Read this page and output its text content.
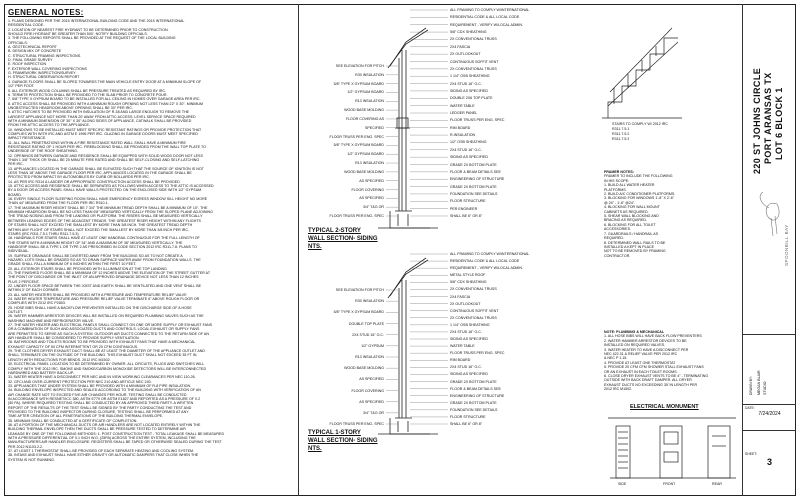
GENERAL NOTES:
1. PLANS DESIGNED PER THE 2015 INTERNATIONAL BUILDING CODE AND THE 2015 INTERNATIONAL
RESIDENTIAL CODE.
2. LOCATION OF NEAREST FIRE HYDRANT TO BE DETERMINED PRIOR TO CONSTRUCTION.
SHOULD FIRE HYDRANT BE GREATER THAN 500', NOTIFY BUILDING OFFICIALS.
3. THE FOLLOWING REPORTS SHALL BE PROVIDED AT THE REQUEST OF THE LOCAL BUILDING
OFFICIALS:
A. GEOTECHNICAL REPORT
B. DESIGN MIX OF CONCRETE
C. STRUCTURAL FRAMING INSPECTIONS.
D. FINAL GRADE SURVEY
E. ROOF INSPECTION
F. EXTERIOR WALL COVERING INSPECTIONS
G. FRAMEWORK INSPECTION/SURVEY
H. STRUCTURAL OBSERVATION REPORT
4. GARAGE FLOORS SHALL BE SLOPED TOWARDS THE MAIN VEHICLE ENTRY DOOR AT A MINIMUM SLOPE OF
1/2" PER FOOT.
5. ALL EXTERIOR WOOD COLUMNS SHALL BE PRESSURE TREATED AS REQUIRED BY IRC.
6. TERMITE PROTECTION SHALL BE PROVIDED TO THE SLAB PRIOR TO CONCRETE POUR.
7. 5/8" TYPE X GYPSUM BOARD TO BE INSTALLED FOR ALL CEILING IN HOMES OVER GARAGE AREA PER IRC.
8. ATTIC ACCESS SHALL BE PROVIDED WITH A MINIMUM ROUGH OPENING NOT LESS THAN 22" X 30". MINIMUM
UNOBSTRUCTED HEADROOM ABOVE OPENING SHALL BE 30" PER IRC.
9. ATTIC HATCHES TO BE PROVIDED WITH INSULATION OF R-38 AND LARGE ENOUGH TO REMOVE THE
LARGEST APPLIANCE NOT MORE THAN 20' AWAY FROM ATTIC ACCESS. LEVEL SERVICE SPACE REQUIRED
WITH A MINIMUM DIMENSION OF 30" X 30" ALONG SIDES OF APPLIANCE. CATWALK SHALL BE PROVIDED
FROM THE ATTIC ACCESS TO THE APPLIANCE.
10. WINDOWS TO BE INSTALLED MUST MEET SPECIFIC RESISTANT RATINGS OR PROVIDE PROTECTION THAT
COMPLIES WITH WITH IRC AND ASTM E 1996 PER IRC. GLAZING IN GARAGE DOORS MUST MEET SPECIFIED
IMPACT RESISTANCE.
11. ALL WALL PENETRATIONS WITHIN A FIRE RESISTANCE RATED WALL SHALL HAVE A MINIMUM FIRE
RESISTANCE RATING OF 1 HOUR PER IRC. FIREBLOCKING SHALL BE PROVIDED FROM THE WALL TOP PLATE TO
UNDERSIDE OF THE ROOF SHEATHING.
12. OPENINGS BETWEEN GARAGE AND RESIDENCE SHALL BE EQUIPPED WITH SOLID WOOD DOOR NOT LESS
THAN 1 3/8" THICK OR SHALL BE 20 MINUTE FIRE RATED AND SHALL BE SELF-CLOSING AND SELF-LATCHING
PER IRC.
13. APPLIANCES LOCATED IN THE GARAGE SHALL BE ELEVATED SUCH THAT THE SOURCE OF IGNITION IS NOT
LESS THAN 18" ABOVE THE GARAGE FLOOR PER IRC. APPLIANCES LOCATED IN THE GARAGE SHALL BE
PROTECTED FROM IMPACT BY AUTOMOBILES BY CURB OR BOLLARDS PER IRC.
14. AS PER IRC R314 A LADDER OR APPROPRIATE CONSTRUCTION ACCESS SHALL BE PROVIDED
15. ATTIC ACCESS AND RESIDENCE SHALL BE SEPARATED AS FOLLOWS WHEN ACCESS TO THE ATTIC IS ACCESSED
BY A DOOR OR ACCESS PANEL SHALL HAVE WALLS PROTECTED ON THE ENCLOSED SIDE WITH 1/2" GYPSUM
BOARD.
16. EVERY SINGLE FLOOR SLEEPING ROOM SHALL HAVE EMERGENCY EGRESS WINDOW SILL HEIGHT NO MORE
THAN 44" MEASURED FROM THE FLOOR PER IRC R310.1.
17. THE MAXIMUM RISER HEIGHT SHALL BE 7 3/4" THE MINIMUM TREAD DEPTH SHALL BE A MINIMUM OF 10". THE
MINIMUM HEADROOM SHALL BE NO LESS THAN 6'8" MEASURED VERTICALLY FROM THE SLOPED PLANE ADJOINING
THE TREAD NOSING AND FROM THE LANDING OR PLATFORM. THE RISERS SHALL BE MEASURED VERTICALLY
BETWEEN LEADING EDGES OF THE ADJACENT TREADS. THE GREATEST RISER HEIGHT WITHIN ANY FLIGHTS
OF STAIRS SHALL NOT EXCEED THE SMALLEST BY MORE THAN 3/8 INCH. THE GREATEST TREAD DEPTH
WITHIN ANY FLIGHT OF STAIRS SHALL NOT EXCEED THE SMALLEST BY MORE THAN 3/8 INCH PER IRC.
STAIRS (IRC R311.7.5.1 THRU R311.7.5.3)
18. HANDRAILS FOR STAIRS SHALL HAVE AT LEAST ONE HANDRAIL CONTINUOUS FOR THE FULL LENGTH OF
THE STAIRS WITH A MINIMUM HEIGHT OF 34" AND A MAXIMUM OF 38" MEASURED VERTICALLY. THE
HANDGRIP SHALL BE A TYPE 1 OR TYPE 2 AS PRESCRIBED IN CODE SECTION 2012 IRC R311.7.8. PLANS TO
INDIVIDUAL.
19. SURFACE DRAINAGE SHALL BE DIVERTED AWAY FROM THE BUILDING SO AS TO NOT CREATE A
HAZARD. LOTS SHALL BE GRADED SO AS TO DRAIN SURFACE WATER AWAY FROM FOUNDATION WALLS. THE
GRADE SHALL FALL A MINIMUM OF 6 INCHES WITHIN THE FIRST 10 FEET.
20. ALL EXTERIOR STAIRS SHALL BE PROVIDED WITH ILLUMINATION AT THE TOP LANDING
21. THE FINISHED FLOOR SHALL BE A MINIMUM OF 12 INCHES ABOVE THE ELEVATION OF THE STREET GUTTER AT
THE POINT OF DISCHARGE OR THE INLET OF AN APPROVED DRAINAGE DEVICE NOT LESS THAN 12 INCHES
PLUS 2 PERCENT.
22. UNDER FLOOR SPACE BETWEEN THE JOIST AND EARTH SHALL BE VENTILATED AND ONE VENT SHALL BE
WITHIN 3' OF EACH CORNER.
23. ALL WATER HEATERS SHALL BE PROVIDED WITH A PRESSURE AND TEMPERATURE RELIEF VALVE
24. WATER HEATER TEMPERATURE AND PRESSURE RELIEF VALVE TERMINATE 6" ABOVE ROUGH FLOOR OR
COMPLIES WITH 2012 IRC P2803.
25. HOSE BIBS SHALL HAVE A BACKFLOW PREVENTER INSTALLED ON THE DISCHARGE SIDE OF A HOSE
OUTLET.
26. WATER HAMMER ARRESTOR DEVICES WILL BE INSTALLED ON REQUIRED PLUMBING VALVES SUCH AS THE
WASHING MACHINE AND REFRIGERATOR VALVE.
27. THE WATER HEATER AND ELECTRICAL PANELS SHALL CONNECT ON ONE OR MORE SUPPLY OR EXHAUST FANS
OR A COMBINATION OF SUCH AND ASSOCIATED DUCTS AND CONTROLS. LOCAL EXHAUST OR SUPPLY FANS
ARE PERMITTED TO SERVE AS SUCH A SYSTEM. OUTDOOR AIR DUCTS CONNECTED TO THE RETURN SIDE OF AN
AIR HANDLER SHALL BE CONSIDERED TO PROVIDE SUPPLY VENTILATION.
28. BATHROOMS AND TOILETS ROOMS TO BE PROVIDED WITH EXHAUST FANS THAT HAVE A MECHANICAL
EXHAUST CAPACITY OF 50 CFM INTERMITTENT OR 20 CFM CONTINUOUS.
29. THE CLOTHES DRYER EXHAUST DUCT SHALL BE AT LEAST THE DIAMETER OF THE APPLIANCE OUTLET AND
SHALL TERMINATE ON THE OUTSIDE OF THE BUILDING. THIS EXHAUST DUCT SHALL NOT EXCEED 35 FT IN
LENGTH WITH REDUCTIONS FOR BENDS. 2012 IRC M1502.
30. ELECTRICAL PANEL LOCATION TO BE DETERMINED BY OWNER. ALL CIRCUITS, PLUGS AND SWITCHES WILL
COMPLY WITH THE 2012 IRC. SMOKE AND SMOKE/CARBON MONOXIDE DETECTORS WILL BE INTERCONNECTED
HARDWIRED AND BATTERY BACK-UP.
31. WATER HEATER HAVE A DISCONNECT PER NEC AND IN VIEW WORKING CLEARANCES PER NEC 110.26.
32. GFCI AND OVER-CURRENT PROTECTION PER NEC 210 AND ARTICLE NEC 240.
33. APPLIANCES THAT UNDER SYSTEM SHALL BE PROVIDED WITH A MINIMUM OF R-8 PIPE INSULATION.
34. BUILDING ENVELOPE INSPECTED AND SEALED ACCORDING TO THE BUILDING WITH VERIFICATION OF AN
AIR CHANGE RATE NOT TO EXCEED FIVE AIR CHANGES PER HOUR. TESTING SHALL BE CONDUCTED
IN ACCORDANCE WITH RESNET/ICC 380, ASTM E779 OR ASTM E1827 AND REPORTED AS A PRESSURE OF 0.2
(50 PA). WHERE REQUIRED TESTING SHALL BE CONDUCTED BY AN APPROVED THIRD PARTY. A WRITTEN
REPORT OF THE RESULTS OF THE TEST SHALL BE SIGNED BY THE PARTY CONDUCTING THE TEST AND
PROVIDED TO THE BUILDING INSPECTOR DURING CLOSURE, TESTING SHALL BE PERFORMED AT ANY
TIME AFTER CREATION OF ALL PENETRATIONS OF THE BUILDING THERMAL ENVELOPE.
35. MINIMUM SHALL BE CONDUCTED AT A CERTIFICATE OF COMPLETION.
36. AT A PORTION OF THE MECHANICAL DUCTS OR AIR HANDLERS ARE NOT LOCATED ENTIRELY WITHIN THE
BUILDING THERMAL ENVELOPE THEN THE DUCTS SHALL BE PRESSURE TESTED TO DETERMINE AIR
LEAKAGE BY ONE OF THE FOLLOWING METHODS: 1. POST CONSTRUCTION TEST - TOTAL LEAKAGE SHALL BE MEASURED
WITH A PRESSURE DIFFERENTIAL OF 0.1 INCH W.G. (25PA) ACROSS THE ENTIRE SYSTEM, INCLUDING THE
MANUFACTURERS AIR HANDLER ENCLOSURE. REGISTERS SHALL BE TAPED OR OTHERWISE SEALED DURING THE TEST
PER 2012 N1103.2.2.
37. AT LEAST 1 THERMOSTAT SHALL BE PROVIDED OF EACH SEPARATE HEATING AND COOLING SYSTEM.
38. INTAKE AND EXHAUST SHALL HAVE EITHER GRAVITY OR AUTOMATIC DAMPERS THAT CLOSE WHEN THE
SYSTEM IS NOT RUNNING.
SEE ELEVATION FOR PITCH
R30 INSULATION
5/8" TYPE X GYPSUM BOARD
1/2" GYPSUM BOARD
R13 INSULATION
WOOD BASE MOLDING
FLOOR COVERING AS
SPECIFIED
FLOOR TRUSS PER ENG. SPEC
5/8" TYPE X GYPSUM BOARD
1/2" GYPSUM BOARD
R13 INSULATION
WOOD BASE MOLDING
AS SPECIFIED
FLOOR COVERING
AS SPECIFIED
3/4" T&G OR
FLOOR TRUSS PER ENG. SPEC
ALL FRAMING TO COMPLY W/INTERNATIONAL
RESIDENTIAL CODE & ALL LOCAL CODE
REQUIREMENT - VERIFY W/LOCAL ADMIN.
5/8" CDX SHEATHING
2X CONVENTIONAL TRUSS
2X4 FASCIA
2X OUTLOOKOUT
CONTINUOUS SOFFIT VENT
2X CONVENTIONAL TRUSS
1 1/4" OSB SHEATHING
2X4 STUD 16" O.C.
SIDING AS SPECIFIED
DOUBLE 2X6 TOP PLATE
WATER TABLE
LEDGER PANEL
FLOOR TRUSS PER ENG. SPEC
RIM BOARD
R-INSULATION
1/2" OSB SHEATHING
2X4 STUD 16" O.C.
SIDING AS SPECIFIED
GRADE 2X BOTTOM PLATE
FLOOR & BEAM DETAILS SEE
ENGINEERING OF STRUCTURE
GRADE 2X BOTTOM PLATE
FOUNDATION SEE DETAILS
FLOOR STRUCTURE
PER ENGINEER
SHALL BE 6" OR 8"
SEE ELEVATION FOR PITCH
R30 INSULATION
5/8" TYPE X GYPSUM BOARD
DOUBLE TOP PLATE
2X4 STUD 16" O.C.
1/2" GYPSUM
R13 INSULATION
WOOD BASE MOLDING
AS SPECIFIED
FLOOR COVERING
AS SPECIFIED
3/4" T&G OR
FLOOR TRUSS PER ENG. SPEC
ALL FRAMING TO COMPLY W/INTERNATIONAL
RESIDENTIAL CODE & ALL LOCAL CODE
REQUIREMENT - VERIFY W/LOCAL ADMIN.
METAL STYLE ROOF
5/8" CDX SHEATHING
2X CONVENTIONAL TRUSS
2X4 FASCIA
2X OUTLOOKOUT
CONTINUOUS SOFFIT VENT
2X CONVENTIONAL TRUSS
1 1/4" OSB SHEATHING
2X4 STUD 16" O.C.
SIDING AS SPECIFIED
WATER TABLE
FLOOR TRUSS PER ENG. SPEC
RIM BOARD
2X4 STUD 16" O.C.
SIDING AS SPECIFIED
GRADE 2X BOTTOM PLATE
FLOOR & BEAM DETAILS SEE
ENGINEERING OF STRUCTURE
GRADE 2X BOTTOM PLATE
FOUNDATION SEE DETAILS
FLOOR STRUCTURE
SHALL BE 6" OR 8"
TYPICAL 2-STORY
WALL SECTION- SIDING
NTS.
TYPICAL 1-STORY
WALL SECTION- SIDING
NTS.
STAIRS TO COMPLY W/ 2012 IRC
R311.7.5.1
R311.7.5.2
R311.7.5.3
FRAMER NOTES:
FRAMER TO INCLUDE THE FOLLOWING
IN HIS SCOPE:
1. BUILD ALL WATER HEATER
PLATFORMS.
2. BUILD A/C CONDITIONER PLATFORMS.
3. BLOCKING FOR WINDOWS 1'-8" X 2'-6"
@ 24" - 1'-6" @24".
4. BLOCKING FOR WALL MOUNT
CABINETS AS REQUIRED.
5. SHEAR WALL BLOCKING AND
BRACING AS REQUIRED.
6. BLOCKING FOR ALL TOILET
ACCESSORIES.
7. GUARDRAILS / HANDRAIL AS
REQUIRED.
8. DETERMINED WALL RAILS TO BE
INSTALLED A KEPT IN PLACE
NOT TO BE REMOVED BY FRAMING
CONTRACTOR.
NOTE: PLUMBING & MECHANICAL
1. ALL HOSE BIBS WILL HAVE BACK FLOW PREVENTERS
2. WATER HAMMER ARRESTOR DEVICES TO BE
INSTALLED ON REQUIRED VALVES.
3. WATER HEATER TO HAVE A DISCONNECT PER
NEC 422.31 & RELIEF VALVE PER 2012 IRC
& NEC P 1.15.
4. PROVIDE AT LEAST ONE THERMOSTAT
5. PROVIDE 20 CFM CFM SHOWER STALL EXHAUST FANS
OR AN EXHAUST IN EACH TOILET ROOMS.
6. CLOSE DRYER EXHAUST VENTS TO BE 4" - TERMINATING
OUTSIDE WITH BACK DRAFT DAMPER. ALL DRYER
EXHAUST DUCTS NO EXCEEDING 35' IN LENGTH PER
2012 IRC M1502.
ELECTRICAL MONUMENT
SIDE	FRONT	REAR
220 ST JOHNS CIRCLE PORT ARANSAS TX LOT 6 BLOCK 1
SPOONBILL BAY
DRAWN BY: MEGAN BLAIR STUDIO
DATE:
7/24/2024
SHEET:
3
